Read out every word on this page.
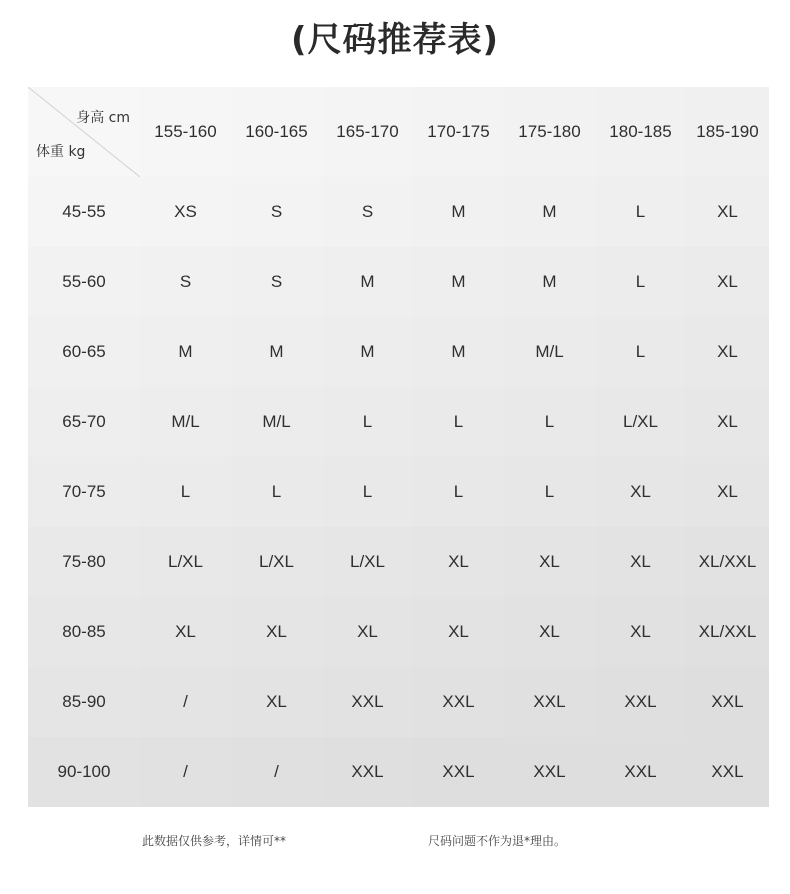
(尺码推荐表)
身高 cm
体重 kg	155-160	160-165	165-170	170-175	175-180	180-185	185-190
45-55	XS	S	S	M	M	L	XL
55-60	S	S	M	M	M	L	XL
60-65	M	M	M	M	M/L	L	XL
65-70	M/L	M/L	L	L	L	L/XL	XL
70-75	L	L	L	L	L	XL	XL
75-80	L/XL	L/XL	L/XL	XL	XL	XL	XL/XXL
80-85	XL	XL	XL	XL	XL	XL	XL/XXL
85-90	/	XL	XXL	XXL	XXL	XXL	XXL
90-100	/	/	XXL	XXL	XXL	XXL	XXL
此数据仅供参考，详情可**	尺码问题不作为退*理由。
